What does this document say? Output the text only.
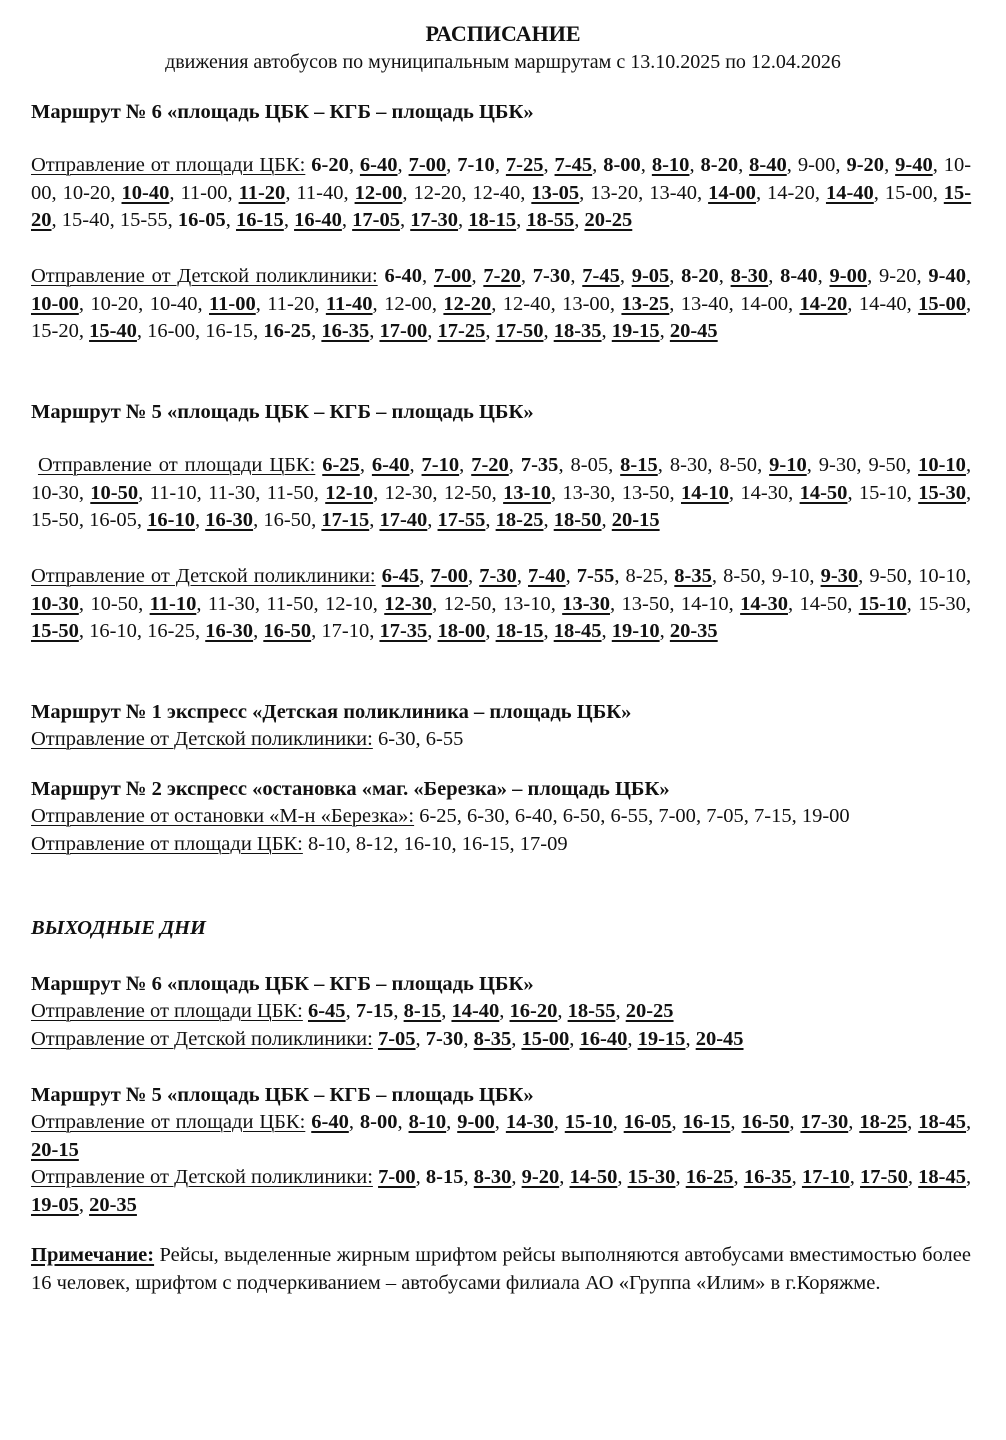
РАСПИСАНИЕ
движения автобусов по муниципальным маршрутам с 13.10.2025 по 12.04.2026
Маршрут № 6 «площадь ЦБК – КГБ – площадь ЦБК»
Отправление от площади ЦБК: 6-20, 6-40, 7-00, 7-10, 7-25, 7-45, 8-00, 8-10, 8-20, 8-40, 9-00, 9-20, 9-40, 10-00, 10-20, 10-40, 11-00, 11-20, 11-40, 12-00, 12-20, 12-40, 13-05, 13-20, 13-40, 14-00, 14-20, 14-40, 15-00, 15-20, 15-40, 15-55, 16-05, 16-15, 16-40, 17-05, 17-30, 18-15, 18-55, 20-25
Отправление от Детской поликлиники: 6-40, 7-00, 7-20, 7-30, 7-45, 9-05, 8-20, 8-30, 8-40, 9-00, 9-20, 9-40, 10-00, 10-20, 10-40, 11-00, 11-20, 11-40, 12-00, 12-20, 12-40, 13-00, 13-25, 13-40, 14-00, 14-20, 14-40, 15-00, 15-20, 15-40, 16-00, 16-15, 16-25, 16-35, 17-00, 17-25, 17-50, 18-35, 19-15, 20-45
Маршрут № 5 «площадь ЦБК – КГБ – площадь ЦБК»
Отправление от площади ЦБК: 6-25, 6-40, 7-10, 7-20, 7-35, 8-05, 8-15, 8-30, 8-50, 9-10, 9-30, 9-50, 10-10, 10-30, 10-50, 11-10, 11-30, 11-50, 12-10, 12-30, 12-50, 13-10, 13-30, 13-50, 14-10, 14-30, 14-50, 15-10, 15-30, 15-50, 16-05, 16-10, 16-30, 16-50, 17-15, 17-40, 17-55, 18-25, 18-50, 20-15
Отправление от Детской поликлиники: 6-45, 7-00, 7-30, 7-40, 7-55, 8-25, 8-35, 8-50, 9-10, 9-30, 9-50, 10-10, 10-30, 10-50, 11-10, 11-30, 11-50, 12-10, 12-30, 12-50, 13-10, 13-30, 13-50, 14-10, 14-30, 14-50, 15-10, 15-30, 15-50, 16-10, 16-25, 16-30, 16-50, 17-10, 17-35, 18-00, 18-15, 18-45, 19-10, 20-35
Маршрут № 1 экспресс «Детская поликлиника – площадь ЦБК»
Отправление от Детской поликлиники: 6-30, 6-55
Маршрут № 2 экспресс «остановка «маг. «Березка» – площадь ЦБК»
Отправление от остановки «М-н «Березка»: 6-25, 6-30, 6-40, 6-50, 6-55, 7-00, 7-05, 7-15, 19-00
Отправление от площади ЦБК: 8-10, 8-12, 16-10, 16-15, 17-09
ВЫХОДНЫЕ ДНИ
Маршрут № 6 «площадь ЦБК – КГБ – площадь ЦБК»
Отправление от площади ЦБК: 6-45, 7-15, 8-15, 14-40, 16-20, 18-55, 20-25
Отправление от Детской поликлиники: 7-05, 7-30, 8-35, 15-00, 16-40, 19-15, 20-45
Маршрут № 5 «площадь ЦБК – КГБ – площадь ЦБК»
Отправление от площади ЦБК: 6-40, 8-00, 8-10, 9-00, 14-30, 15-10, 16-05, 16-15, 16-50, 17-30, 18-25, 18-45, 20-15
Отправление от Детской поликлиники: 7-00, 8-15, 8-30, 9-20, 14-50, 15-30, 16-25, 16-35, 17-10, 17-50, 18-45, 19-05, 20-35
Примечание: Рейсы, выделенные жирным шрифтом рейсы выполняются автобусами вместимостью более 16 человек, шрифтом с подчеркиванием – автобусами филиала АО «Группа «Илим» в г.Коряжме.
